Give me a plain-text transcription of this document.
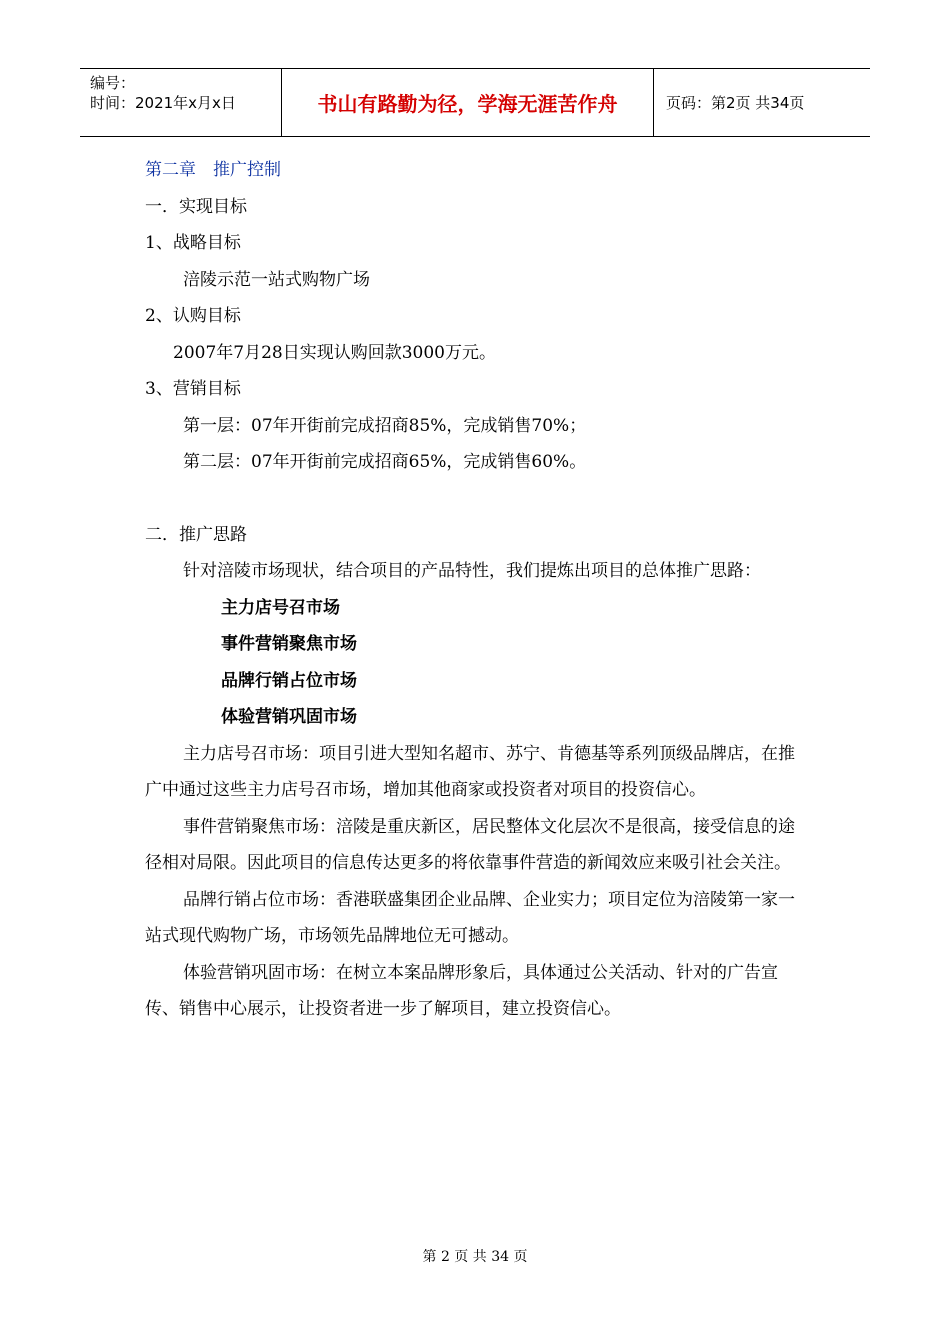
编号：
时间：2021年x月x日	书山有路勤为径，学海无涯苦作舟	页码：第2页 共34页

第二章　推广控制

一．实现目标

1、战略目标

涪陵示范一站式购物广场

2、认购目标

2007年7月28日实现认购回款3000万元。

3、营销目标

第一层：07年开街前完成招商85%，完成销售70%；

第二层：07年开街前完成招商65%，完成销售60%。

二．推广思路

针对涪陵市场现状，结合项目的产品特性，我们提炼出项目的总体推广思路：

主力店号召市场

事件营销聚焦市场

品牌行销占位市场

体验营销巩固市场

主力店号召市场：项目引进大型知名超市、苏宁、肯德基等系列顶级品牌店，在推广中通过这些主力店号召市场，增加其他商家或投资者对项目的投资信心。

事件营销聚焦市场：涪陵是重庆新区，居民整体文化层次不是很高，接受信息的途径相对局限。因此项目的信息传达更多的将依靠事件营造的新闻效应来吸引社会关注。

品牌行销占位市场：香港联盛集团企业品牌、企业实力；项目定位为涪陵第一家一站式现代购物广场，市场领先品牌地位无可撼动。

体验营销巩固市场：在树立本案品牌形象后，具体通过公关活动、针对的广告宣传、销售中心展示，让投资者进一步了解项目，建立投资信心。

第 2 页 共 34 页
